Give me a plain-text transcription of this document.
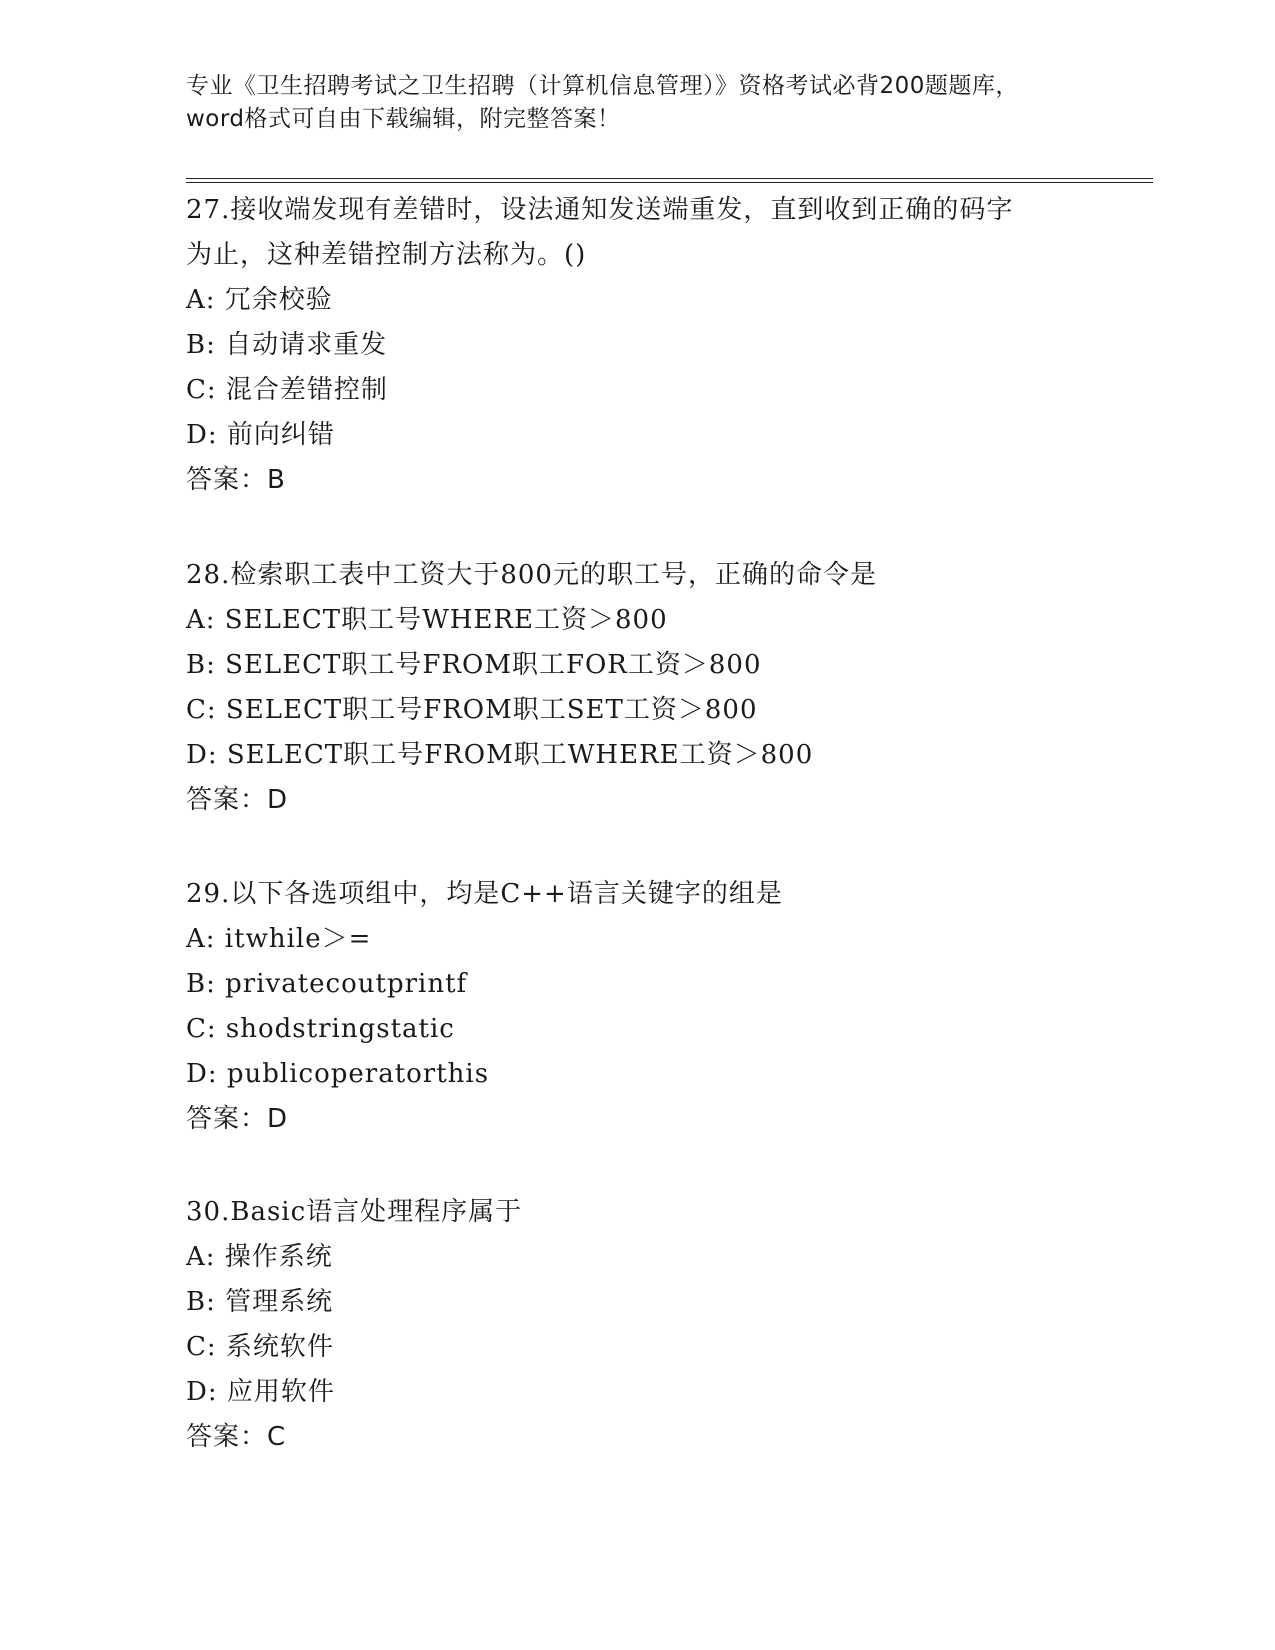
专业《卫生招聘考试之卫生招聘（计算机信息管理）》资格考试必背200题题库，
word格式可自由下载编辑，附完整答案！
27.接收端发现有差错时，设法通知发送端重发，直到收到正确的码字
为止，这种差错控制方法称为。()
A: 冗余校验
B: 自动请求重发
C: 混合差错控制
D: 前向纠错
答案：B
28.检索职工表中工资大于800元的职工号，正确的命令是
A: SELECT职工号WHERE工资＞800
B: SELECT职工号FROM职工FOR工资＞800
C: SELECT职工号FROM职工SET工资＞800
D: SELECT职工号FROM职工WHERE工资＞800
答案：D
29.以下各选项组中，均是C++语言关键字的组是
A: itwhile＞=
B: privatecoutprintf
C: shodstringstatic
D: publicoperatorthis
答案：D
30.Basic语言处理程序属于
A: 操作系统
B: 管理系统
C: 系统软件
D: 应用软件
答案：C
